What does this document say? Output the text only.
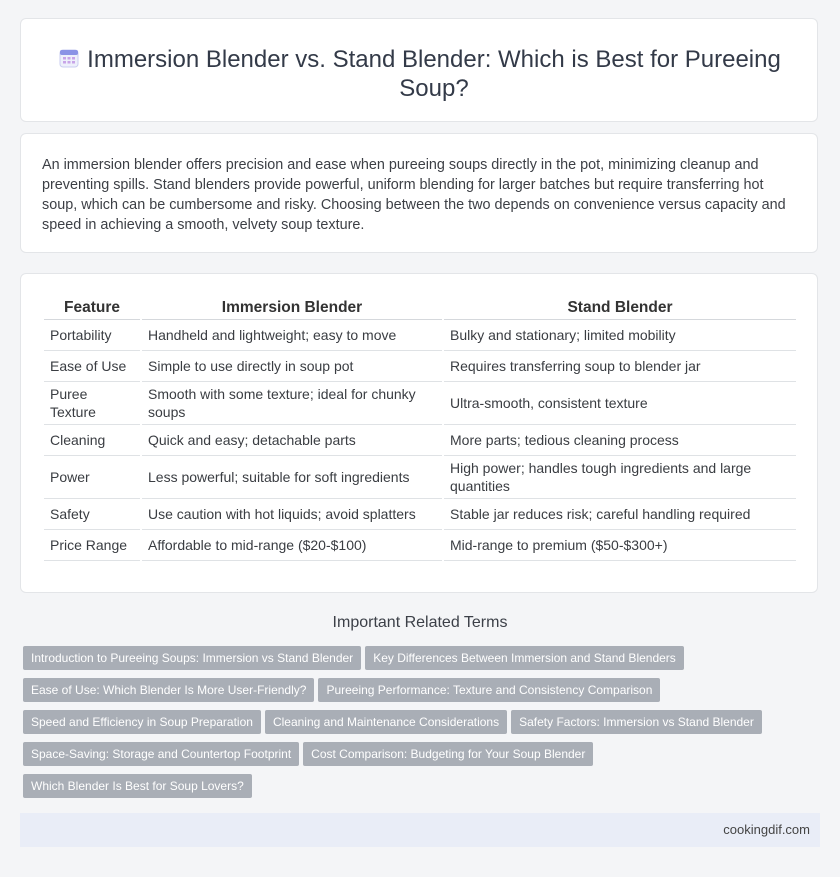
Immersion Blender vs. Stand Blender: Which is Best for Pureeing Soup?

An immersion blender offers precision and ease when pureeing soups directly in the pot, minimizing cleanup and preventing spills. Stand blenders provide powerful, uniform blending for larger batches but require transferring hot soup, which can be cumbersome and risky. Choosing between the two depends on convenience versus capacity and speed in achieving a smooth, velvety soup texture.

Feature	Immersion Blender	Stand Blender
Portability	Handheld and lightweight; easy to move	Bulky and stationary; limited mobility
Ease of Use	Simple to use directly in soup pot	Requires transferring soup to blender jar
Puree Texture	Smooth with some texture; ideal for chunky soups	Ultra-smooth, consistent texture
Cleaning	Quick and easy; detachable parts	More parts; tedious cleaning process
Power	Less powerful; suitable for soft ingredients	High power; handles tough ingredients and large quantities
Safety	Use caution with hot liquids; avoid splatters	Stable jar reduces risk; careful handling required
Price Range	Affordable to mid-range ($20-$100)	Mid-range to premium ($50-$300+)
Important Related Terms
Introduction to Pureeing Soups: Immersion vs Stand Blender Key Differences Between Immersion and Stand Blenders
Ease of Use: Which Blender Is More User-Friendly? Pureeing Performance: Texture and Consistency Comparison
Speed and Efficiency in Soup Preparation Cleaning and Maintenance Considerations Safety Factors: Immersion vs Stand Blender
Space-Saving: Storage and Countertop Footprint Cost Comparison: Budgeting for Your Soup Blender
Which Blender Is Best for Soup Lovers?
cookingdif.com
